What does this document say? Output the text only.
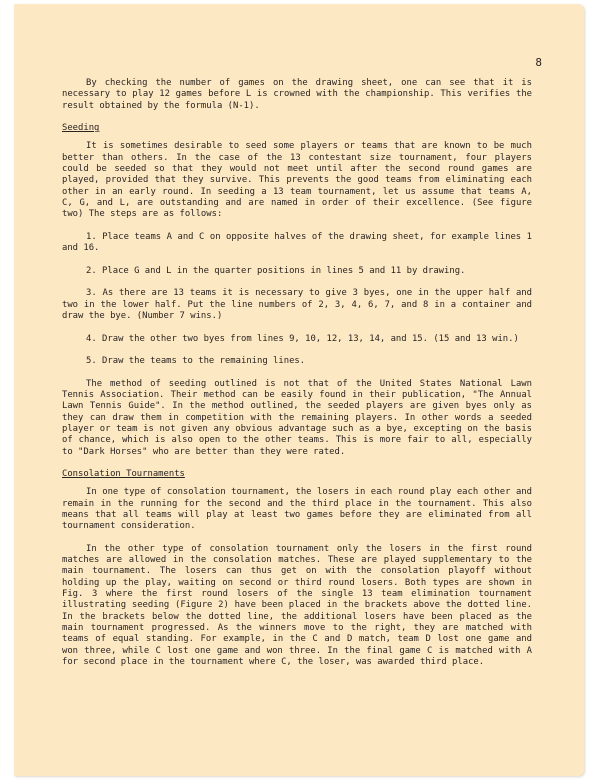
8

By checking the number of games on the drawing sheet, one can see that it is necessary to play 12 games before L is crowned with the championship. This verifies the result obtained by the formula (N-1).

Seeding

It is sometimes desirable to seed some players or teams that are known to be much better than others. In the case of the 13 contestant size tournament, four players could be seeded so that they would not meet until after the second round games are played, provided that they survive. This prevents the good teams from eliminating each other in an early round. In seeding a 13 team tournament, let us assume that teams A, C, G, and L, are outstanding and are named in order of their excellence. (See figure two) The steps are as follows:

1. Place teams A and C on opposite halves of the drawing sheet, for example lines 1 and 16.

2. Place G and L in the quarter positions in lines 5 and 11 by drawing.

3. As there are 13 teams it is necessary to give 3 byes, one in the upper half and two in the lower half. Put the line numbers of 2, 3, 4, 6, 7, and 8 in a container and draw the bye. (Number 7 wins.)

4. Draw the other two byes from lines 9, 10, 12, 13, 14, and 15. (15 and 13 win.)

5. Draw the teams to the remaining lines.

The method of seeding outlined is not that of the United States National Lawn Tennis Association. Their method can be easily found in their publication, "The Annual Lawn Tennis Guide". In the method outlined, the seeded players are given byes only as they can draw them in competition with the remaining players. In other words a seeded player or team is not given any obvious advantage such as a bye, excepting on the basis of chance, which is also open to the other teams. This is more fair to all, especially to "Dark Horses" who are better than they were rated.

Consolation Tournaments

In one type of consolation tournament, the losers in each round play each other and remain in the running for the second and the third place in the tournament. This also means that all teams will play at least two games before they are eliminated from all tournament consideration.

In the other type of consolation tournament only the losers in the first round matches are allowed in the consolation matches. These are played supplementary to the main tournament. The losers can thus get on with the consolation playoff without holding up the play, waiting on second or third round losers. Both types are shown in Fig. 3 where the first round losers of the single 13 team elimination tournament illustrating seeding (Figure 2) have been placed in the brackets above the dotted line. In the brackets below the dotted line, the additional losers have been placed as the main tournament progressed. As the winners move to the right, they are matched with teams of equal standing. For example, in the C and D match, team D lost one game and won three, while C lost one game and won three. In the final game C is matched with A for second place in the tournament where C, the loser, was awarded third place.
